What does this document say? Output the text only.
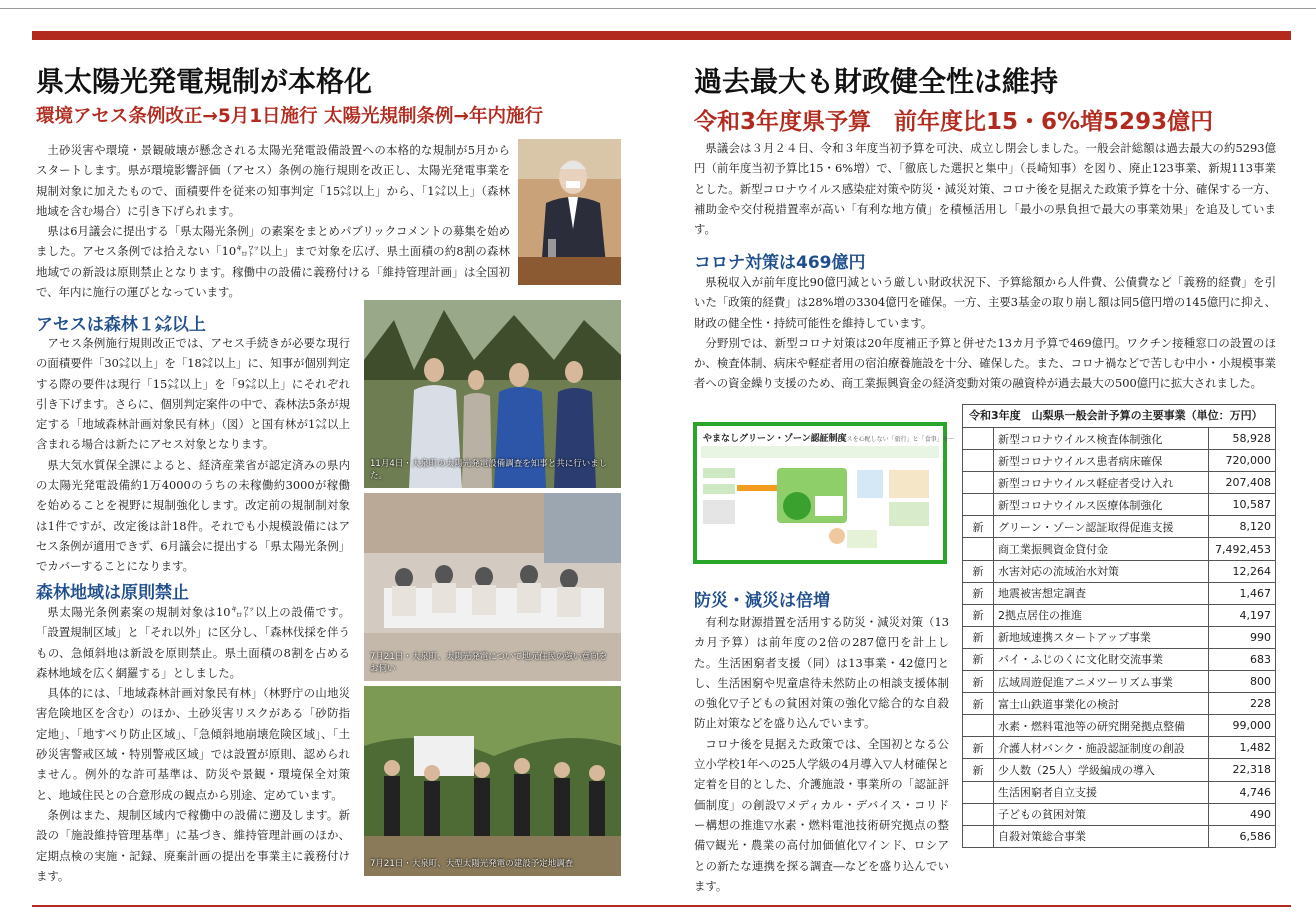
県太陽光発電規制が本格化
環境アセス条例改正→5月1日施行 太陽光規制条例→年内施行

土砂災害や環境・景観破壊が懸念される太陽光発電設備設置への本格的な規制が5月からスタートします。県が環境影響評価（アセス）条例の施行規則を改正し、太陽光発電事業を規制対象に加えたもので、面積要件を従来の知事判定「15㌶以上」から、「1㌶以上」（森林地域を含む場合）に引き下げられます。

県は6月議会に提出する「県太陽光条例」の素案をまとめパブリックコメントの募集を始めました。アセス条例では拾えない「10㌔㍗以上」まで対象を広げ、県土面積の約8割の森林地域での新設は原則禁止となります。稼働中の設備に義務付ける「維持管理計画」は全国初で、年内に施行の運びとなっています。

アセスは森林１㌶以上

アセス条例施行規則改正では、アセス手続きが必要な現行の面積要件「30㌶以上」を「18㌶以上」に、知事が個別判定する際の要件は現行「15㌶以上」を「9㌶以上」にそれぞれ引き下げます。さらに、個別判定案件の中で、森林法5条が規定する「地域森林計画対象民有林」（図）と国有林が1㌶以上含まれる場合は新たにアセス対象となります。

県大気水質保全課によると、経済産業省が認定済みの県内の太陽光発電設備約1万4000のうちの未稼働約3000が稼働を始めることを視野に規制強化します。改定前の規制制対象は1件ですが、改定後は計18件。それでも小規模設備にはアセス条例が適用できず、6月議会に提出する「県太陽光条例」でカバーすることになります。

森林地域は原則禁止

県太陽光条例素案の規制対象は10㌔㍗以上の設備です。「設置規制区域」と「それ以外」に区分し、「森林伐採を伴うもの、急傾斜地は新設を原則禁止。県土面積の8割を占める森林地域を広く網羅する」としました。

具体的には、「地域森林計画対象民有林」（林野庁の山地災害危険地区を含む）のほか、土砂災害リスクがある「砂防指定地」、「地すべり防止区域」、「急傾斜地崩壊危険区域」、「土砂災害警戒区域・特別警戒区域」では設置が原則、認められません。例外的な許可基準は、防災や景観・環境保全対策と、地域住民との合意形成の観点から別途、定めています。

条例はまた、規制区域内で稼働中の設備に遡及します。新設の「施設維持管理基準」に基づき、維持管理計画のほか、定期点検の実施・記録、廃棄計画の提出を事業主に義務付けます。

11月4日・大泉町の太陽光発電設備調査を知事と共に行いました。
7月21日・大泉町、太陽光発電について地元住民の強い意向をお伺い
7月21日・大泉町、大型太陽光発電の建設予定地調査
過去最大も財政健全性は維持
令和3年度県予算　前年度比15・6%増5293億円

県議会は３月２４日、令和３年度当初予算を可決、成立し閉会しました。一般会計総額は過去最大の約5293億円（前年度当初予算比15・6%増）で、「徹底した選択と集中」（長崎知事）を図り、廃止123事業、新規113事業とした。新型コロナウイルス感染症対策や防災・減災対策、コロナ後を見据えた政策予算を十分、確保する一方、補助金や交付税措置率が高い「有利な地方債」を積極活用し「最小の県負担で最大の事業効果」を追及しています。

コロナ対策は469億円

県税収入が前年度比90億円減という厳しい財政状況下、予算総額から人件費、公債費など「義務的経費」を引いた「政策的経費」は28%増の3304億円を確保。一方、主要3基金の取り崩し額は同5億円増の145億円に抑え、財政の健全性・持続可能性を維持しています。

分野別では、新型コロナ対策は20年度補正予算と併せた13カ月予算で469億円。ワクチン接種窓口の設置のほか、検査体制、病床や軽症者用の宿泊療養施設を十分、確保した。また、コロナ禍などで苦しむ中小・小規模事業者への資金繰り支援のため、商工業振興資金の経済変動対策の融資枠が過去最大の500億円に拡大されました。

やまなしグリーン・ゾーン認証制度
～コロナウイルスを心配しない「旅行」と「食事」を～
防災・減災は倍増

有利な財源措置を活用する防災・減災対策（13カ月予算）は前年度の2倍の287億円を計上した。生活困窮者支援（同）は13事業・42億円とし、生活困窮や児童虐待未然防止の相談支援体制の強化▽子どもの貧困対策の強化▽総合的な自殺防止対策などを盛り込んでいます。

コロナ後を見据えた政策では、全国初となる公立小学校1年への25人学級の4月導入▽人材確保と定着を目的とした、介護施設・事業所の「認証評価制度」の創設▽メディカル・デバイス・コリドー構想の推進▽水素・燃料電池技術研究拠点の整備▽観光・農業の高付加価値化▽インド、ロシアとの新たな連携を探る調査―などを盛り込んでいます。

令和3年度　山梨県一般会計予算の主要事業（単位：万円）
	新型コロナウイルス検査体制強化	58,928
	新型コロナウイルス患者病床確保	720,000
	新型コロナウイルス軽症者受け入れ	207,408
	新型コロナウイルス医療体制強化	10,587
新	グリーン・ゾーン認証取得促進支援	8,120
	商工業振興資金貸付金	7,492,453
新	水害対応の流域治水対策	12,264
新	地震被害想定調査	1,467
新	2拠点居住の推進	4,197
新	新地域連携スタートアップ事業	990
新	バイ・ふじのくに文化財交流事業	683
新	広域周遊促進アニメツーリズム事業	800
新	富士山鉄道事業化の検討	228
	水素・燃料電池等の研究開発拠点整備	99,000
新	介護人材バンク・施設認証制度の創設	1,482
新	少人数（25人）学級編成の導入	22,318
	生活困窮者自立支援	4,746
	子どもの貧困対策	490
	自殺対策総合事業	6,586
